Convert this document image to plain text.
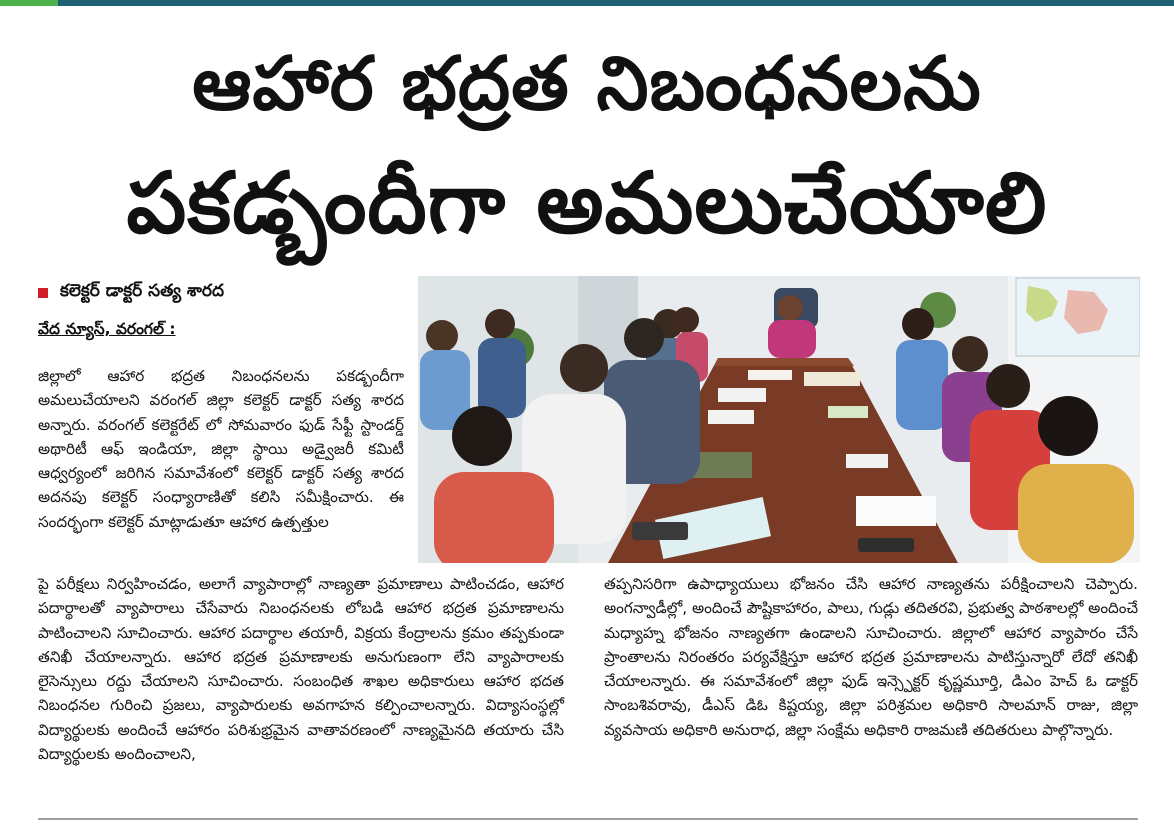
ఆహార భద్రత నిబంధనలను
పకడ్బందీగా అమలుచేయాలి
కలెక్టర్ డాక్టర్ సత్య శారద
వేద న్యూస్, వరంగల్ :
జిల్లాలో ఆహార భద్రత నిబంధనలను పకడ్బందీగా అమలుచేయాలని వరంగల్ జిల్లా కలెక్టర్ డాక్టర్ సత్య శారద అన్నారు. వరంగల్ కలెక్టరేట్ లో సోమవారం ఫుడ్ సేఫ్టీ స్టాండర్డ్ అథారిటీ ఆఫ్ ఇండియా, జిల్లా స్థాయి అడ్వైజరీ కమిటీ ఆధ్వర్యంలో జరిగిన సమావేశంలో కలెక్టర్ డాక్టర్ సత్య శారద అదనపు కలెక్టర్ సంధ్యారాణితో కలిసి సమీక్షించారు. ఈ సందర్భంగా కలెక్టర్ మాట్లాడుతూ ఆహార ఉత్పత్తుల
పై పరీక్షలు నిర్వహించడం, అలాగే వ్యాపారాల్లో నాణ్యతా ప్రమాణాలు పాటించడం, ఆహార పదార్థాలతో వ్యాపారాలు చేసేవారు నిబంధనలకు లోబడి ఆహార భద్రత ప్రమాణాలను పాటించాలని సూచించారు. ఆహార పదార్థాల తయారీ, విక్రయ కేంద్రాలను క్రమం తప్పకుండా తనిఖీ చేయాలన్నారు. ఆహార భద్రత ప్రమాణాలకు అనుగుణంగా లేని వ్యాపారాలకు లైసెన్సులు రద్దు చేయాలని సూచించారు. సంబంధిత శాఖల అధికారులు ఆహార భదత నిబంధనల గురించి ప్రజలు, వ్యాపారులకు అవగాహన కల్పించాలన్నారు. విద్యాసంస్థల్లో విద్యార్థులకు అందించే ఆహారం పరిశుభ్రమైన వాతావరణంలో నాణ్యమైనది తయారు చేసి విద్యార్థులకు అందించాలని,
తప్పనిసరిగా ఉపాధ్యాయులు భోజనం చేసి ఆహార నాణ్యతను పరీక్షించాలని చెప్పారు. అంగన్వాడీల్లో, అందించే పౌష్టికాహారం, పాలు, గుడ్లు తదితరవి, ప్రభుత్వ పాఠశాలల్లో అందించే మధ్యాహ్న భోజనం నాణ్యతగా ఉండాలని సూచించారు. జిల్లాలో ఆహార వ్యాపారం చేసే ప్రాంతాలను నిరంతరం పర్యవేక్షిస్తూ ఆహార భద్రత ప్రమాణాలను పాటిస్తున్నారో లేదో తనిఖీ చేయాలన్నారు. ఈ సమావేశంలో జిల్లా ఫుడ్ ఇన్స్పెక్టర్ కృష్ణమూర్తి, డిఎం హెచ్ ఓ డాక్టర్ సాంబశివరావు, డీఎస్ డిఓ కిష్టయ్య, జిల్లా పరిశ్రమల అధికారి సాలమాన్ రాజు, జిల్లా వ్యవసాయ అధికారి అనురాధ, జిల్లా సంక్షేమ అధికారి రాజమణి తదితరులు పాల్గొన్నారు.
